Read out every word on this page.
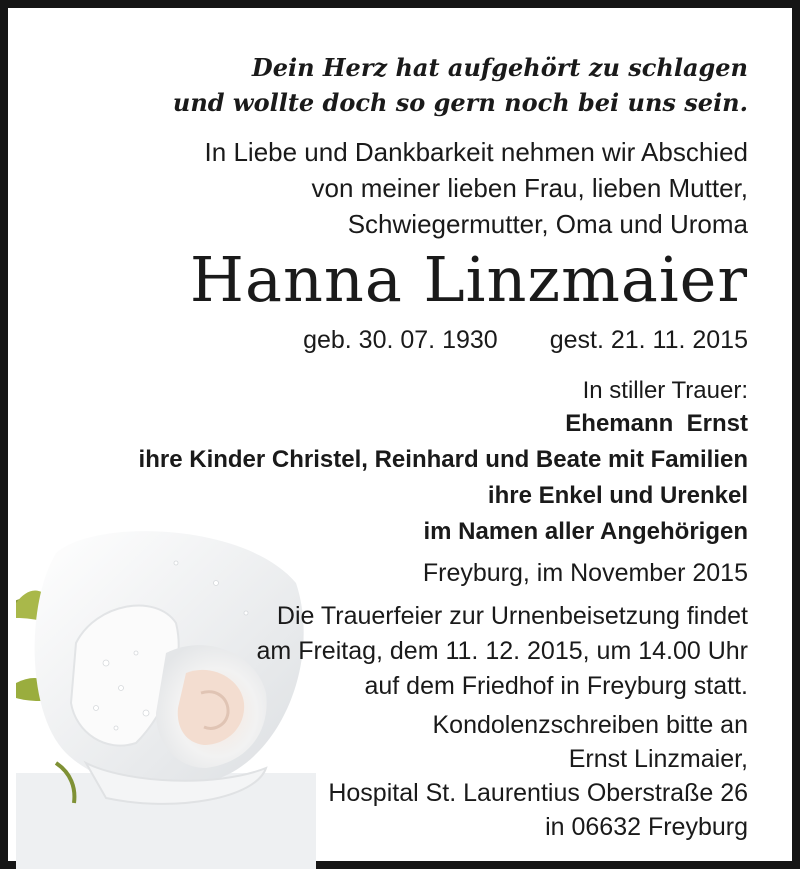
Dein Herz hat aufgehört zu schlagen
und wollte doch so gern noch bei uns sein.
In Liebe und Dankbarkeit nehmen wir Abschied
von meiner lieben Frau, lieben Mutter,
Schwiegermutter, Oma und Uroma
Hanna Linzmaier
geb. 30. 07. 1930 gest. 21. 11. 2015
In stiller Trauer:
Ehemann  Ernst
ihre Kinder Christel, Reinhard und Beate mit Familien
ihre Enkel und Urenkel
im Namen aller Angehörigen
Freyburg, im November 2015
Die Trauerfeier zur Urnenbeisetzung findet
am Freitag, dem 11. 12. 2015, um 14.00 Uhr
auf dem Friedhof in Freyburg statt.
Kondolenzschreiben bitte an
Ernst Linzmaier,
Hospital St. Laurentius Oberstraße 26
in 06632 Freyburg
